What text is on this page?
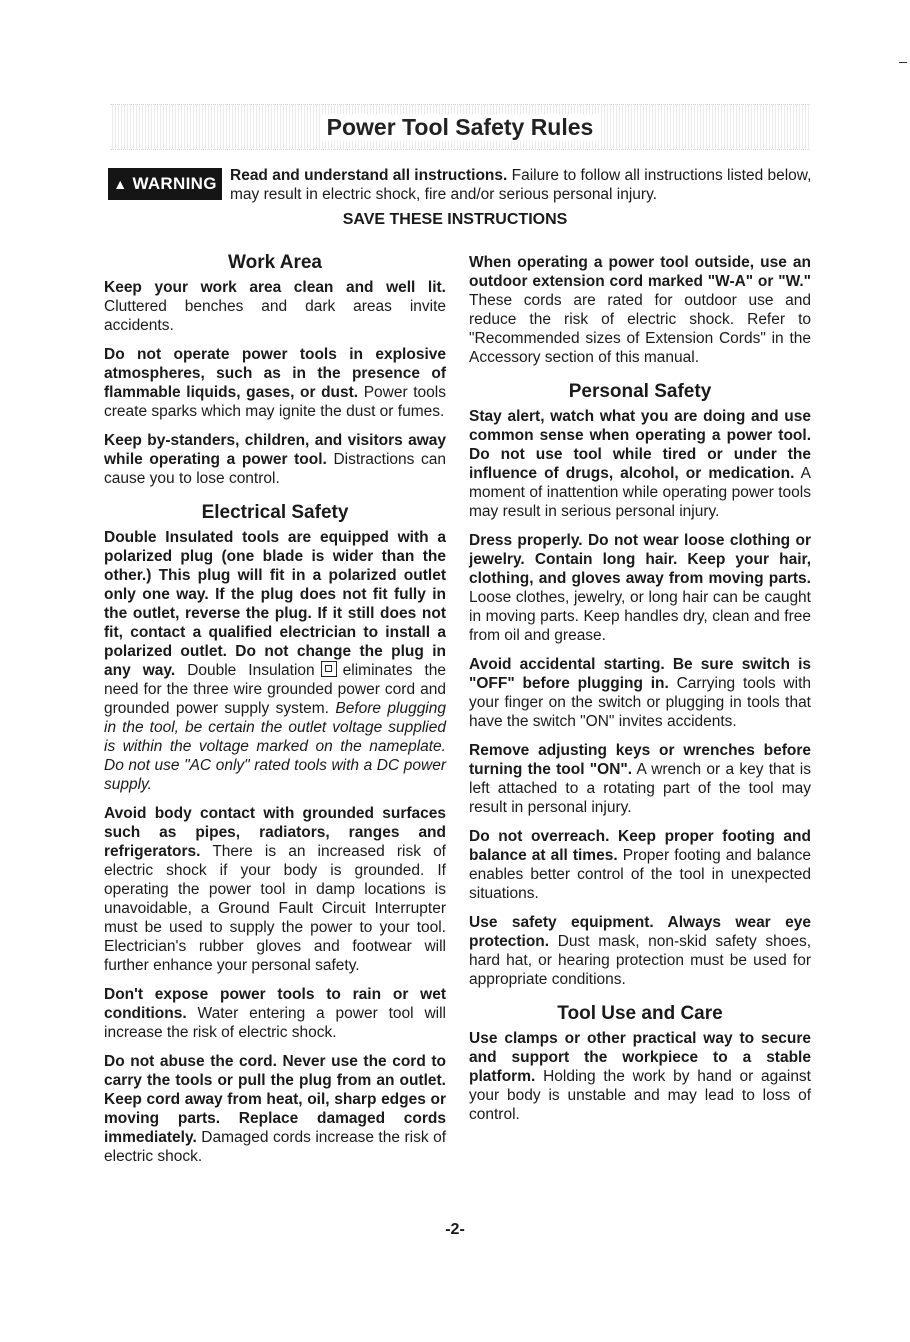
Power Tool Safety Rules
▲ WARNING Read and understand all instructions. Failure to follow all instructions listed below, may result in electric shock, fire and/or serious personal injury.
SAVE THESE INSTRUCTIONS
Work Area

Keep your work area clean and well lit. Cluttered benches and dark areas invite accidents.

Do not operate power tools in explosive atmospheres, such as in the presence of flammable liquids, gases, or dust. Power tools create sparks which may ignite the dust or fumes.

Keep by-standers, children, and visitors away while operating a power tool. Distractions can cause you to lose control.

Electrical Safety

Double Insulated tools are equipped with a polarized plug (one blade is wider than the other.) This plug will fit in a polarized outlet only one way. If the plug does not fit fully in the outlet, reverse the plug. If it still does not fit, contact a qualified electrician to install a polarized outlet. Do not change the plug in any way. Double Insulation eliminates the need for the three wire grounded power cord and grounded power supply system. Before plugging in the tool, be certain the outlet voltage supplied is within the voltage marked on the nameplate. Do not use "AC only" rated tools with a DC power supply.

Avoid body contact with grounded surfaces such as pipes, radiators, ranges and refrigerators. There is an increased risk of electric shock if your body is grounded. If operating the power tool in damp locations is unavoidable, a Ground Fault Circuit Interrupter must be used to supply the power to your tool. Electrician's rubber gloves and footwear will further enhance your personal safety.

Don't expose power tools to rain or wet conditions. Water entering a power tool will increase the risk of electric shock.

Do not abuse the cord. Never use the cord to carry the tools or pull the plug from an outlet. Keep cord away from heat, oil, sharp edges or moving parts. Replace damaged cords immediately. Damaged cords increase the risk of electric shock.

When operating a power tool outside, use an outdoor extension cord marked "W-A" or "W." These cords are rated for outdoor use and reduce the risk of electric shock. Refer to "Recommended sizes of Extension Cords" in the Accessory section of this manual.

Personal Safety

Stay alert, watch what you are doing and use common sense when operating a power tool. Do not use tool while tired or under the influence of drugs, alcohol, or medication. A moment of inattention while operating power tools may result in serious personal injury.

Dress properly. Do not wear loose clothing or jewelry. Contain long hair. Keep your hair, clothing, and gloves away from moving parts. Loose clothes, jewelry, or long hair can be caught in moving parts. Keep handles dry, clean and free from oil and grease.

Avoid accidental starting. Be sure switch is "OFF" before plugging in. Carrying tools with your finger on the switch or plugging in tools that have the switch "ON" invites accidents.

Remove adjusting keys or wrenches before turning the tool "ON". A wrench or a key that is left attached to a rotating part of the tool may result in personal injury.

Do not overreach. Keep proper footing and balance at all times. Proper footing and balance enables better control of the tool in unexpected situations.

Use safety equipment. Always wear eye protection. Dust mask, non-skid safety shoes, hard hat, or hearing protection must be used for appropriate conditions.

Tool Use and Care

Use clamps or other practical way to secure and support the workpiece to a stable platform. Holding the work by hand or against your body is unstable and may lead to loss of control.

-2-
